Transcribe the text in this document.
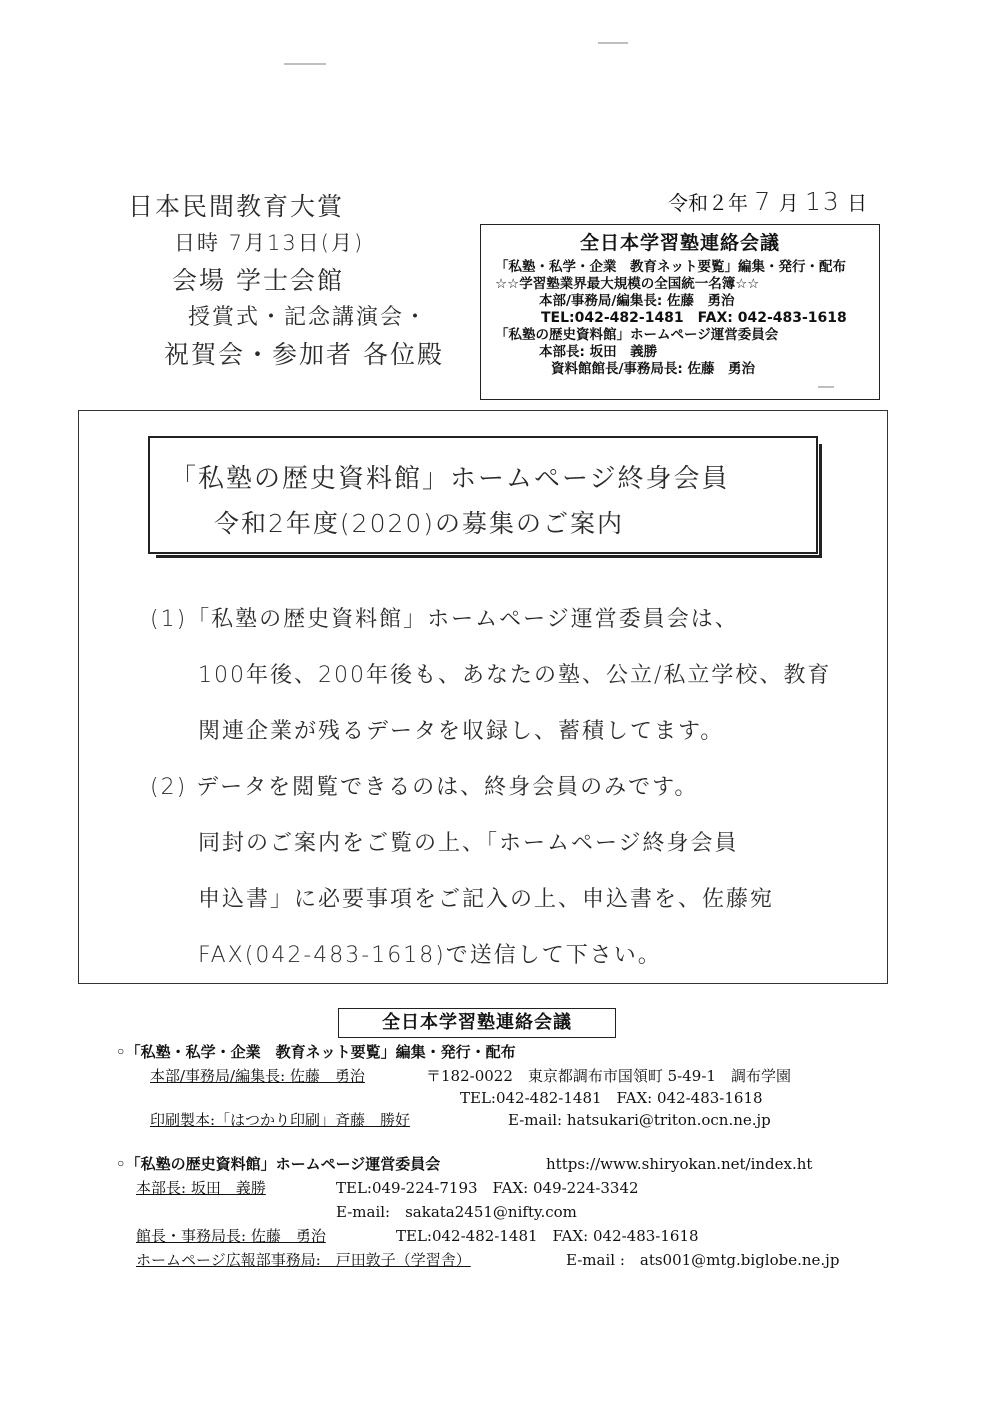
日本民間教育大賞
日時 7月13日(月)
会場 学士会館
授賞式・記念講演会・
祝賀会・参加者 各位殿
令和２年 7 月 13 日
全日本学習塾連絡会議
「私塾・私学・企業　教育ネット要覧」編集・発行・配布
☆☆学習塾業界最大規模の全国統一名簿☆☆
本部/事務局/編集長: 佐藤　勇治
TEL:042-482-1481　FAX: 042-483-1618
「私塾の歴史資料館」ホームページ運営委員会
本部長: 坂田　義勝
資料館館長/事務局長: 佐藤　勇治
「私塾の歴史資料館」ホームページ終身会員
令和2年度(2020)の募集のご案内
(1)「私塾の歴史資料館」ホームページ運営委員会は、
100年後、200年後も、あなたの塾、公立/私立学校、教育
関連企業が残るデータを収録し、蓄積してます。
(2) データを閲覧できるのは、終身会員のみです。
同封のご案内をご覧の上、「ホームページ終身会員
申込書」に必要事項をご記入の上、申込書を、佐藤宛
FAX(042-483-1618)で送信して下さい。
全日本学習塾連絡会議
◦「私塾・私学・企業　教育ネット要覧」編集・発行・配布
本部/事務局/編集長: 佐藤　勇治	〒182-0022　東京都調布市国領町 5-49-1　調布学園
TEL:042-482-1481　FAX: 042-483-1618
印刷製本:「はつかり印刷」斉藤　勝好	E-mail: hatsukari@triton.ocn.ne.jp
◦「私塾の歴史資料館」ホームページ運営委員会	https://www.shiryokan.net/index.ht
本部長: 坂田　義勝	TEL:049-224-7193　FAX: 049-224-3342
E-mail:　sakata2451@nifty.com
館長・事務局長: 佐藤　勇治	TEL:042-482-1481　FAX: 042-483-1618
ホームページ広報部事務局:　戸田敦子（学習舎）	E-mail :　ats001@mtg.biglobe.ne.jp
